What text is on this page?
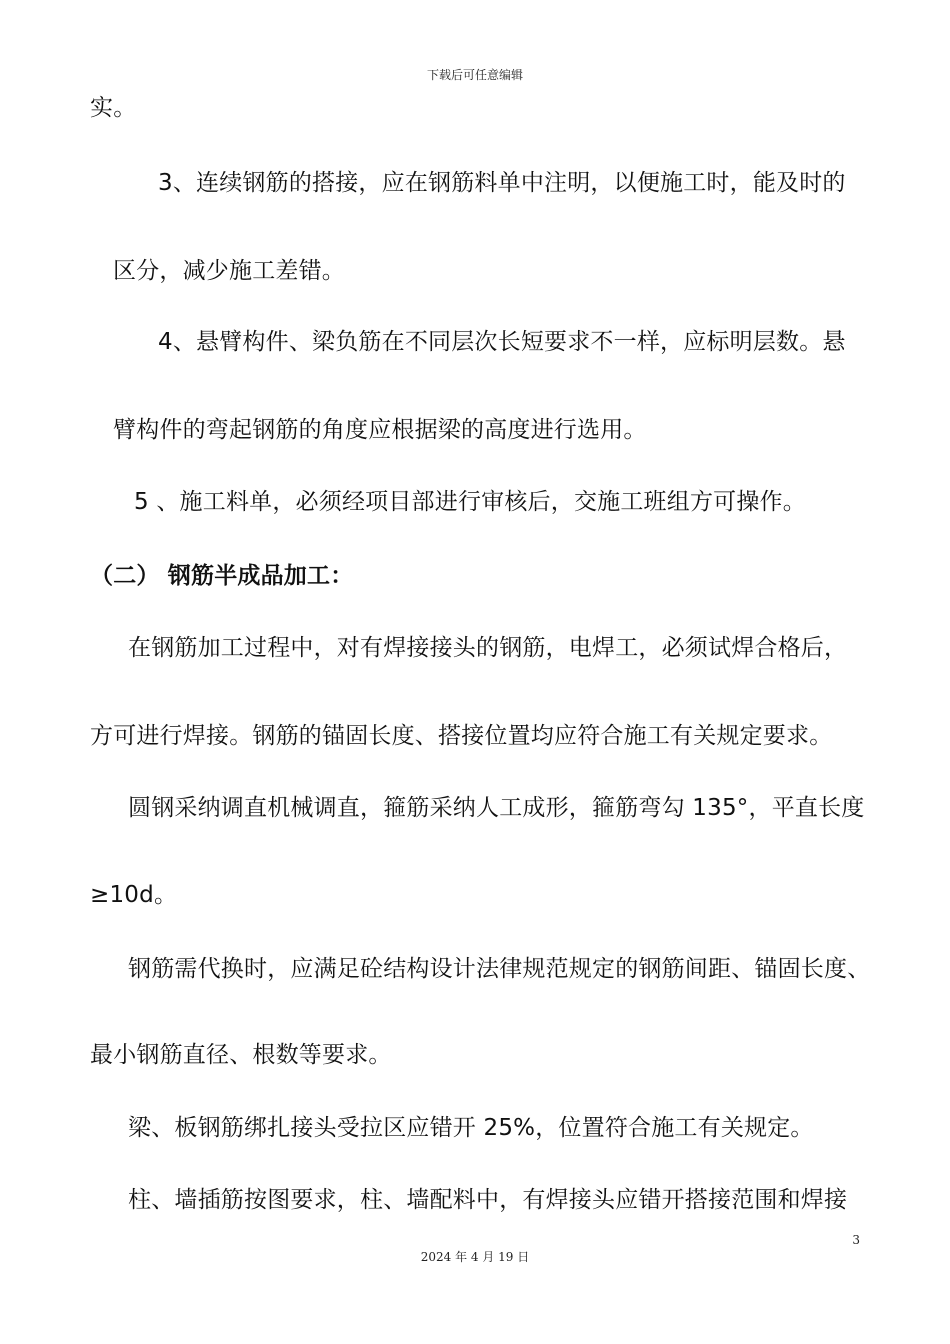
下载后可任意编辑
实。
3、连续钢筋的搭接，应在钢筋料单中注明，以便施工时，能及时的
区分，减少施工差错。
4、悬臂构件、梁负筋在不同层次长短要求不一样，应标明层数。悬
臂构件的弯起钢筋的角度应根据梁的高度进行选用。
5 、施工料单，必须经项目部进行审核后，交施工班组方可操作。
（二） 钢筋半成品加工：
在钢筋加工过程中，对有焊接接头的钢筋，电焊工，必须试焊合格后，
方可进行焊接。钢筋的锚固长度、搭接位置均应符合施工有关规定要求。
圆钢采纳调直机械调直，箍筋采纳人工成形，箍筋弯勾 135°，平直长度
≥10d。
钢筋需代换时，应满足砼结构设计法律规范规定的钢筋间距、锚固长度、
最小钢筋直径、根数等要求。
梁、板钢筋绑扎接头受拉区应错开 25%，位置符合施工有关规定。
柱、墙插筋按图要求，柱、墙配料中，有焊接头应错开搭接范围和焊接
3
2024 年 4 月 19 日
